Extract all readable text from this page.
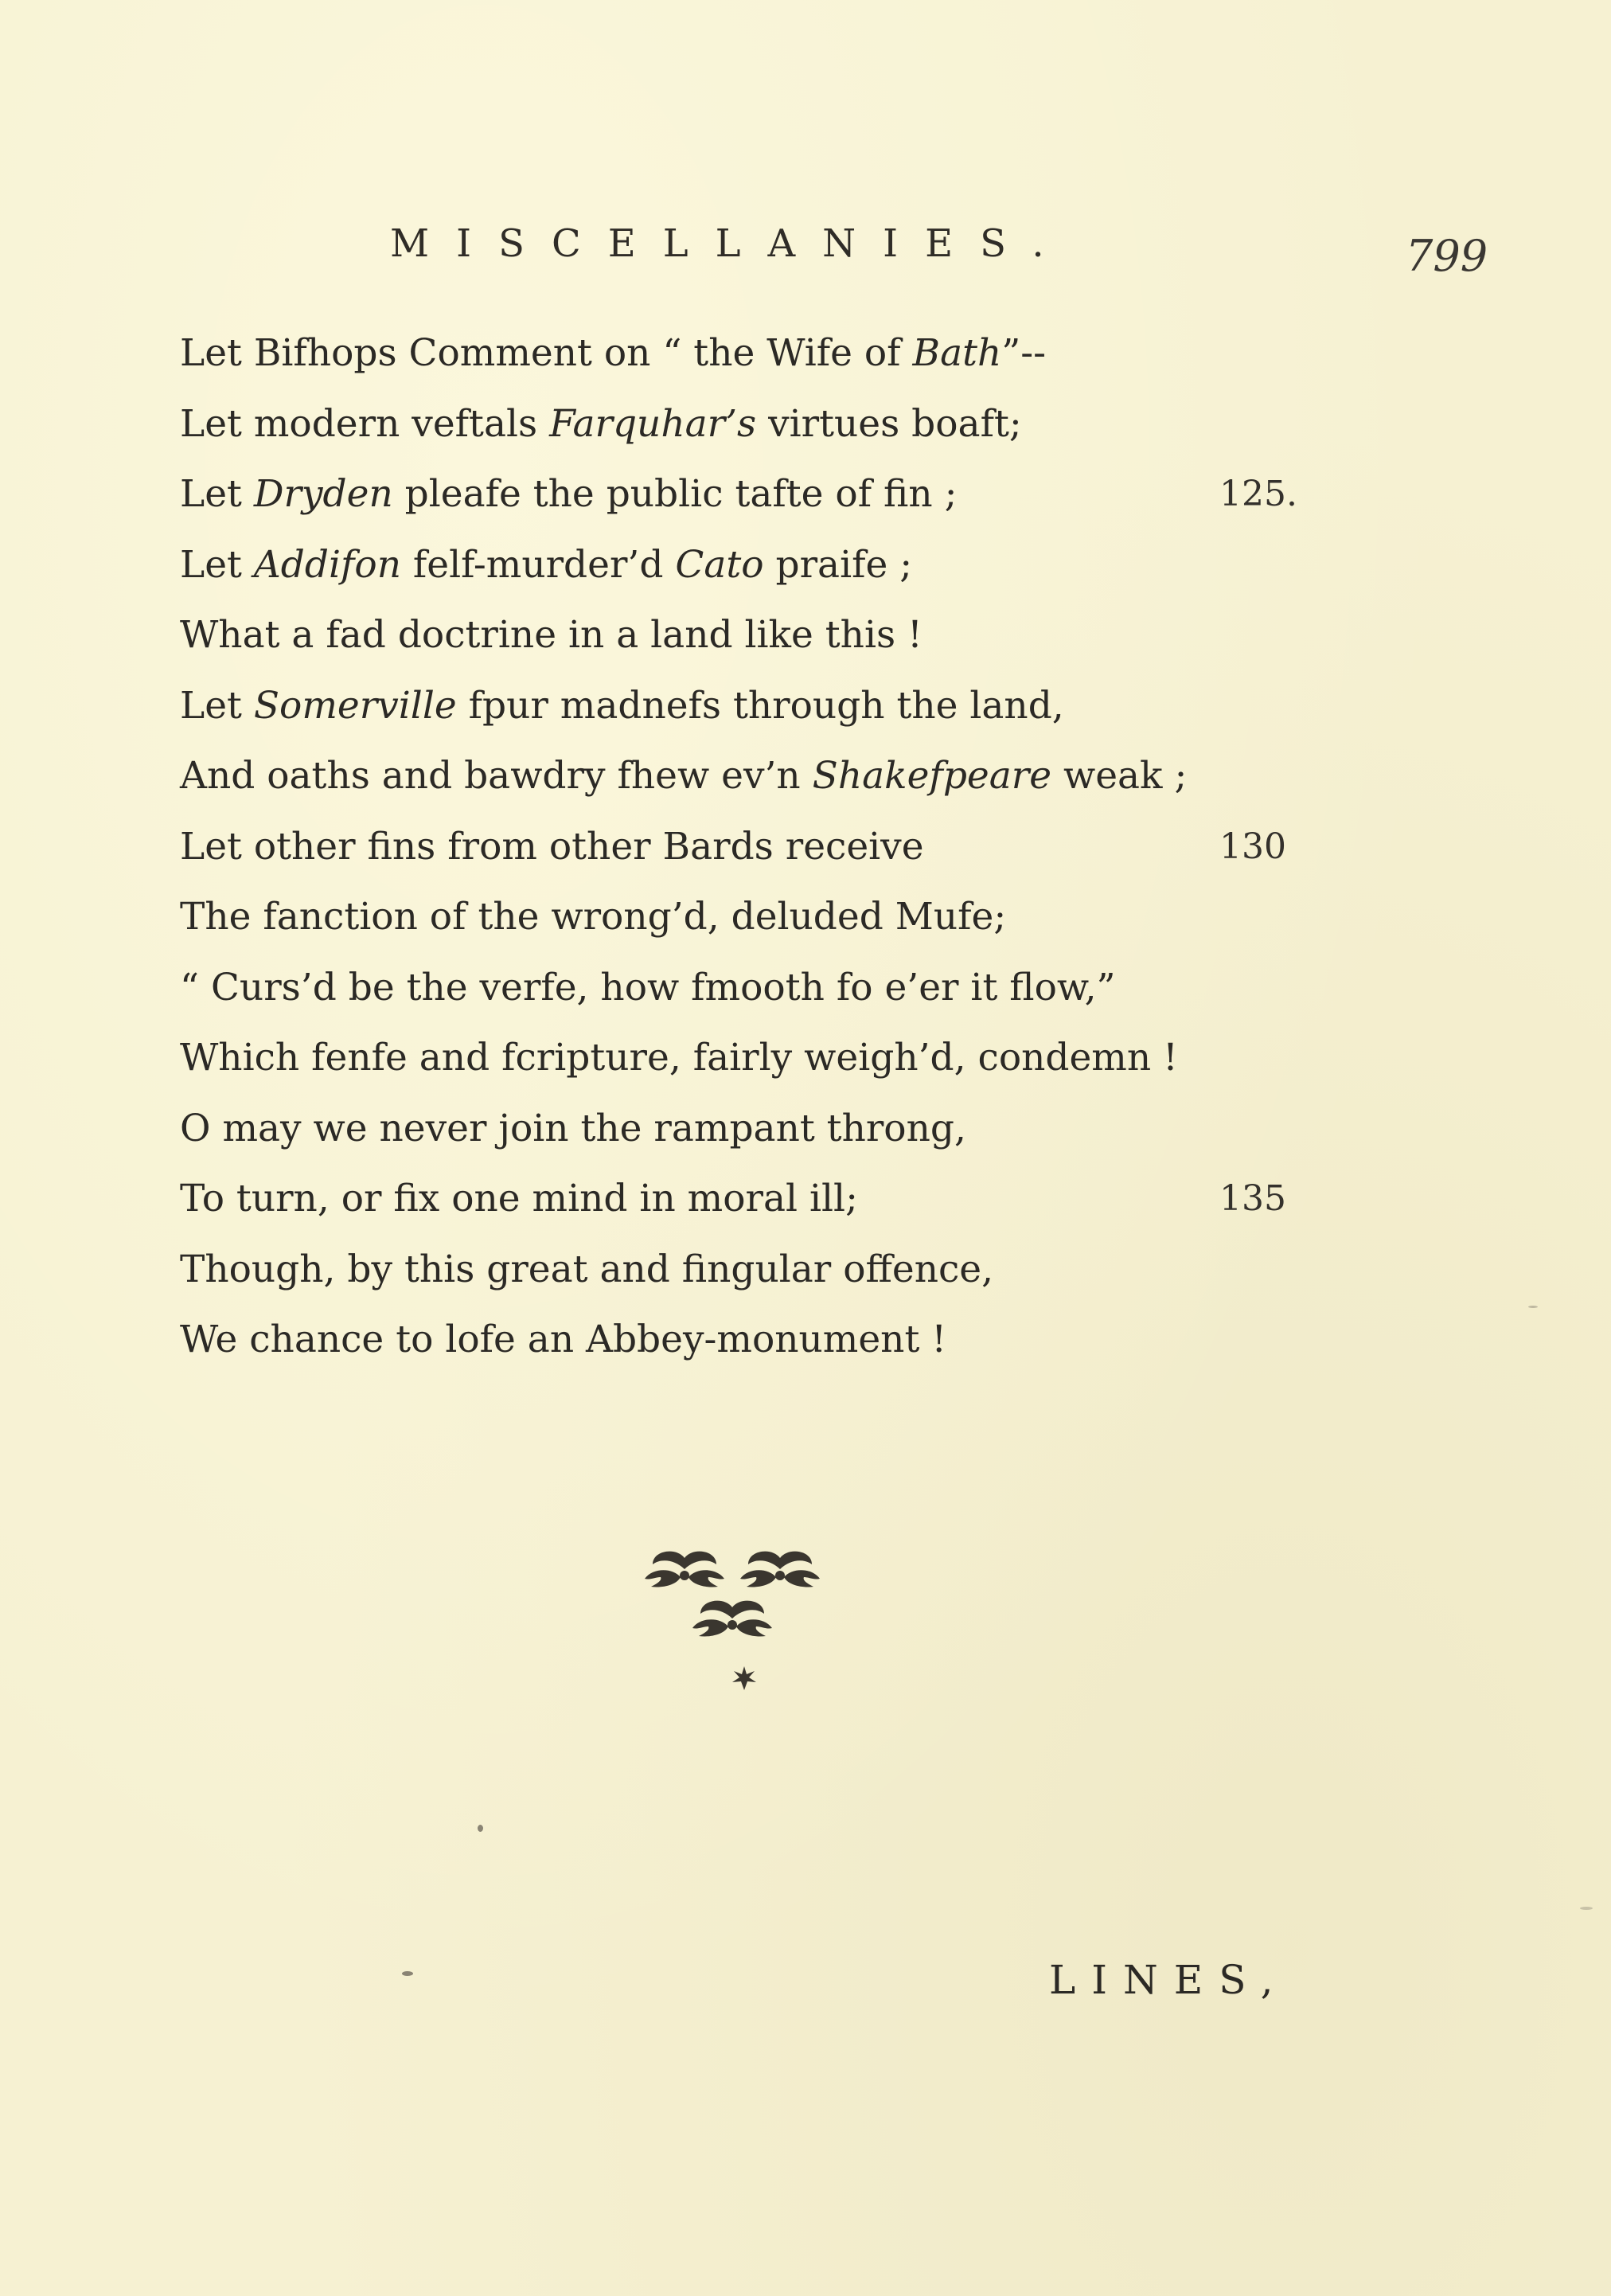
MISCELLANIES.	799
Let Bifhops Comment on “ the Wife of Bath”--
Let modern veftals Farquhar’s virtues boaft;
Let Dryden pleafe the public tafte of fin ;	125.
Let Addifon felf-murder’d Cato praife ;
What a fad doctrine in a land like this !
Let Somerville fpur madnefs through the land,
And oaths and bawdry fhew ev’n Shakefpeare weak ;
Let other fins from other Bards receive	130
The fanction of the wrong’d, deluded Mufe;
“ Curs’d be the verfe, how fmooth fo e’er it flow,”
Which fenfe and fcripture, fairly weigh’d, condemn !
O may we never join the rampant throng,
To turn, or fix one mind in moral ill;	135
Though, by this great and fingular offence,
We chance to lofe an Abbey-monument !
LINES,
